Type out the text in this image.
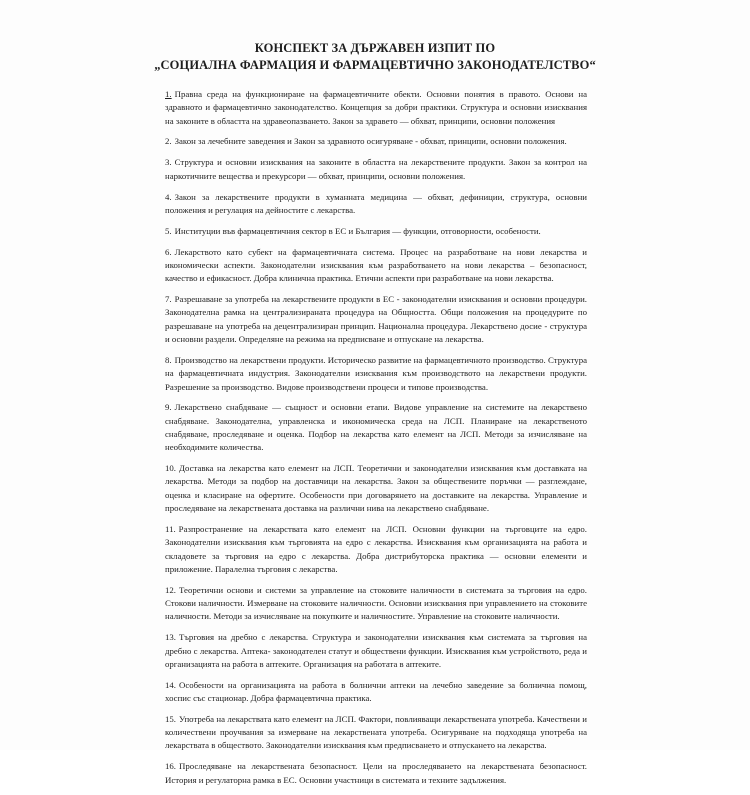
КОНСПЕКТ ЗА ДЪРЖАВЕН ИЗПИТ ПО
„СОЦИАЛНА ФАРМАЦИЯ И ФАРМАЦЕВТИЧНО ЗАКОНОДАТЕЛСТВО“

1. Правна среда на функциониране на фармацевтичните обекти. Основни понятия в правото. Основи на здравното и фармацевтично законодателство. Концепция за добри практики. Структура и основни изисквания на законите в областта на здравеопазването. Закон за здравето — обхват, принципи, основни положения

2. Закон за лечебните заведения и Закон за здравното осигуряване - обхват, принципи, основни положения.

3. Структура и основни изисквания на законите в областта на лекарствените продукти. Закон за контрол на наркотичните вещества и прекурсори — обхват, принципи, основни положения.

4. Закон за лекарствените продукти в хуманната медицина — обхват, дефиниции, структура, основни положения и регулация на дейностите с лекарства.

5. Институции във фармацевтичния сектор в ЕС и България — функции, отговорности, особености.

6. Лекарството като субект на фармацевтичната система. Процес на разработване на нови лекарства и икономически аспекти. Законодателни изисквания към разработването на нови лекарства – безопасност, качество и ефикасност. Добра клинична практика. Етични аспекти при разработване на нови лекарства.

7. Разрешаване за употреба на лекарствените продукти в ЕС - законодателни изисквания и основни процедури. Законодателна рамка на централизираната процедура на Общността. Общи положения на процедурите по разрешаване на употреба на децентрализиран принцип. Национална процедура. Лекарствено досие - структура и основни раздели. Определяне на режима на предписване и отпускане на лекарства.

8. Производство на лекарствени продукти. Историческо развитие на фармацевтичното производство. Структура на фармацевтичната индустрия. Законодателни изисквания към производството на лекарствени продукти. Разрешение за производство. Видове производствени процеси и типове производства.

9. Лекарствено снабдяване — същност и основни етапи. Видове управление на системите на лекарствено снабдяване. Законодателна, управленска и икономическа среда на ЛСП. Планиране на лекарственото снабдяване, проследяване и оценка. Подбор на лекарства като елемент на ЛСП. Методи за изчисляване на необходимите количества.

10. Доставка на лекарства като елемент на ЛСП. Теоретични и законодателни изисквания към доставката на лекарства. Методи за подбор на доставчици на лекарства. Закон за обществените поръчки — разглеждане, оценка и класиране на офертите. Особености при договарянето на доставките на лекарства. Управление и проследяване на лекарствената доставка на различни нива на лекарствено снабдяване.

11. Разпространение на лекарствата като елемент на ЛСП. Основни функции на търговците на едро. Законодателни изисквания към търговията на едро с лекарства. Изисквания към организацията на работа и складовете за търговия на едро с лекарства. Добра дистрибуторска практика — основни елементи и приложение. Паралелна търговия с лекарства.

12. Теоретични основи и системи за управление на стоковите наличности в системата за търговия на едро. Стокови наличности. Измерване на стоковите наличности. Основни изисквания при управлението на стоковите наличности. Методи за изчисляване на покупките и наличностите. Управление на стоковите наличности.

13. Търговия на дребно с лекарства. Структура и законодателни изисквания към системата за търговия на дребно с лекарства. Аптека- законодателен статут и обществени функции. Изисквания към устройството, реда и организацията на работа в аптеките. Организация на работата в аптеките.

14. Особености на организацията на работа в болнични аптеки на лечебно заведение за болнична помощ, хоспис със стационар. Добра фармацевтична практика.

15. Употреба на лекарствата като елемент на ЛСП. Фактори, повлияващи лекарствената употреба. Качествени и количествени проучвания за измерване на лекарствената употреба. Осигуряване на подходяща употреба на лекарствата в обществото. Законодателни изисквания към предписването и отпускането на лекарства.

16. Проследяване на лекарствената безопасност. Цели на проследяването на лекарствената безопасност. История и регулаторна рамка в ЕС. Основни участници в системата и техните задължения.
